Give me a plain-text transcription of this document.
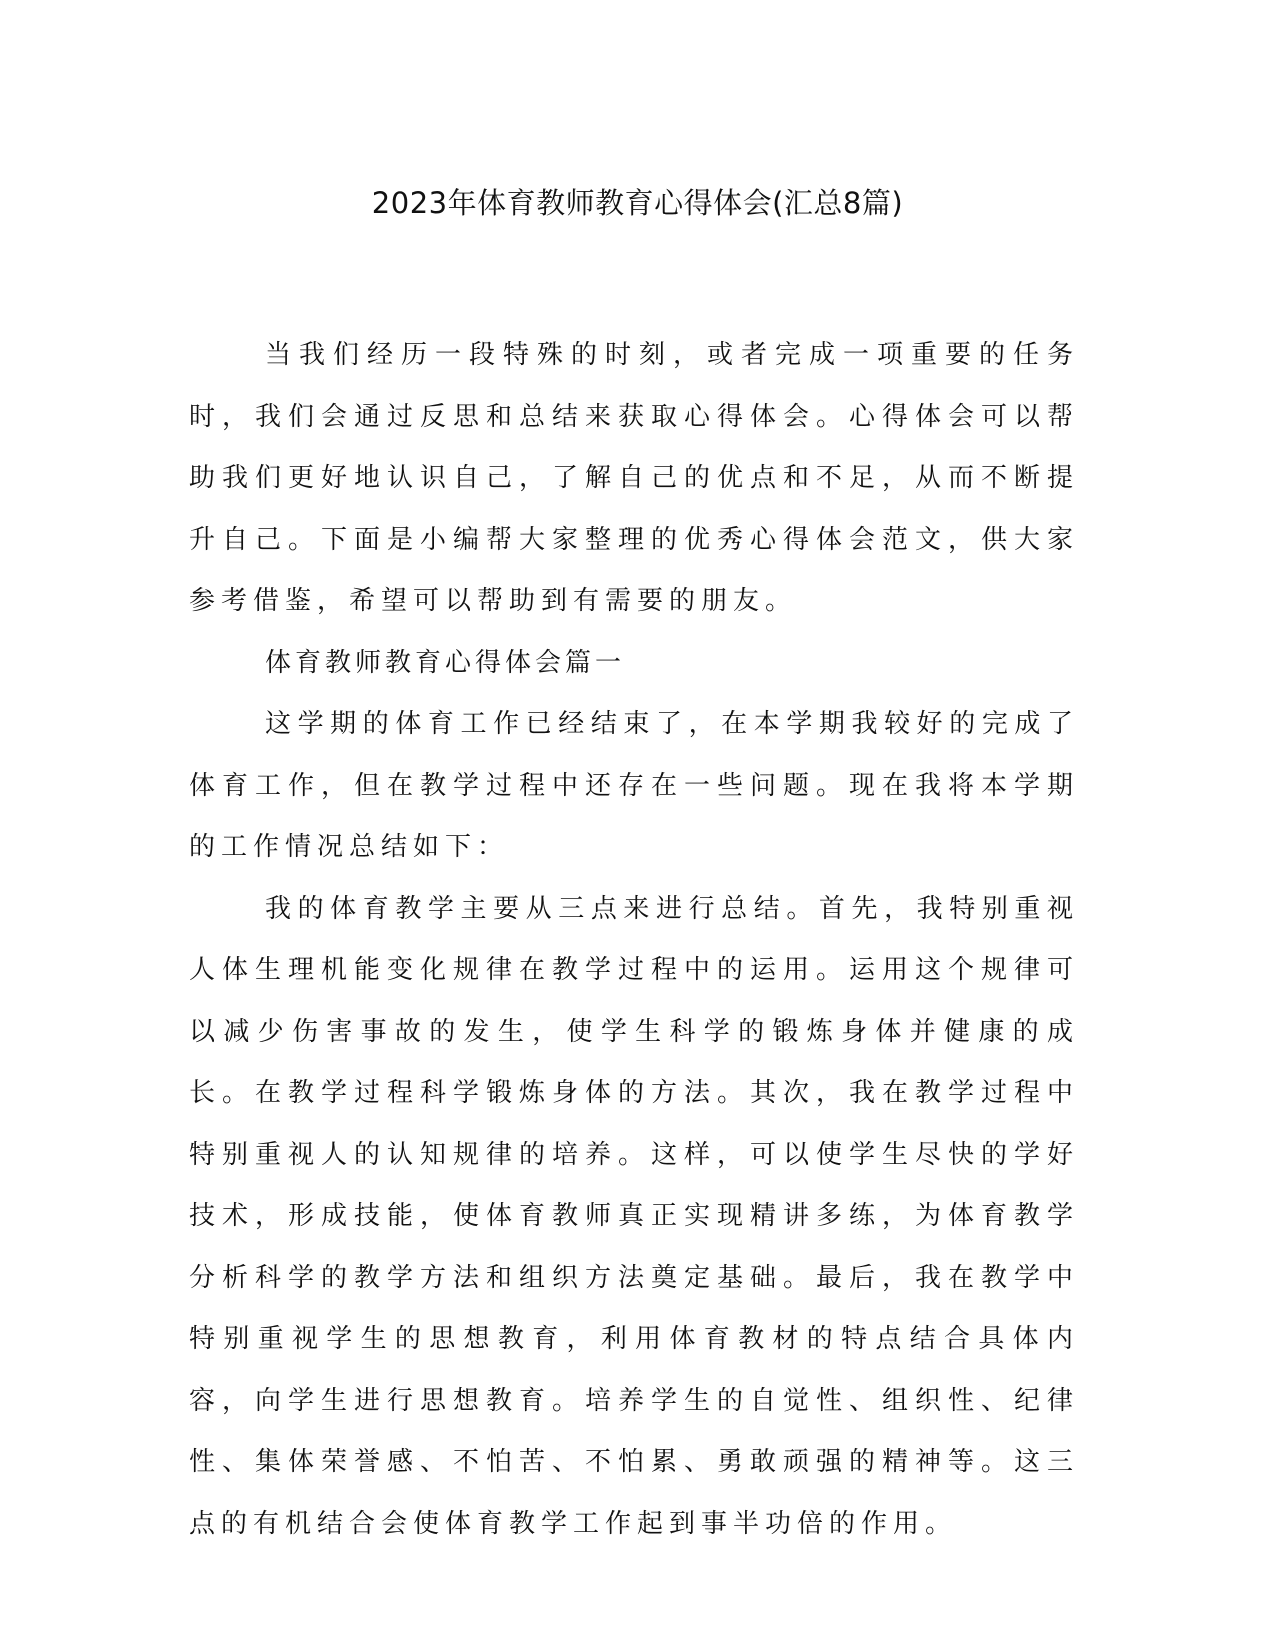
2023年体育教师教育心得体会(汇总8篇)

当我们经历一段特殊的时刻，或者完成一项重要的任务时，我们会通过反思和总结来获取心得体会。心得体会可以帮助我们更好地认识自己，了解自己的优点和不足，从而不断提升自己。下面是小编帮大家整理的优秀心得体会范文，供大家参考借鉴，希望可以帮助到有需要的朋友。

体育教师教育心得体会篇一

这学期的体育工作已经结束了，在本学期我较好的完成了体育工作，但在教学过程中还存在一些问题。现在我将本学期的工作情况总结如下：

我的体育教学主要从三点来进行总结。首先，我特别重视人体生理机能变化规律在教学过程中的运用。运用这个规律可以减少伤害事故的发生，使学生科学的锻炼身体并健康的成长。在教学过程科学锻炼身体的方法。其次，我在教学过程中特别重视人的认知规律的培养。这样，可以使学生尽快的学好技术，形成技能，使体育教师真正实现精讲多练，为体育教学分析科学的教学方法和组织方法奠定基础。最后，我在教学中特别重视学生的思想教育，利用体育教材的特点结合具体内容，向学生进行思想教育。培养学生的自觉性、组织性、纪律性、集体荣誉感、不怕苦、不怕累、勇敢顽强的精神等。这三点的有机结合会使体育教学工作起到事半功倍的作用。
